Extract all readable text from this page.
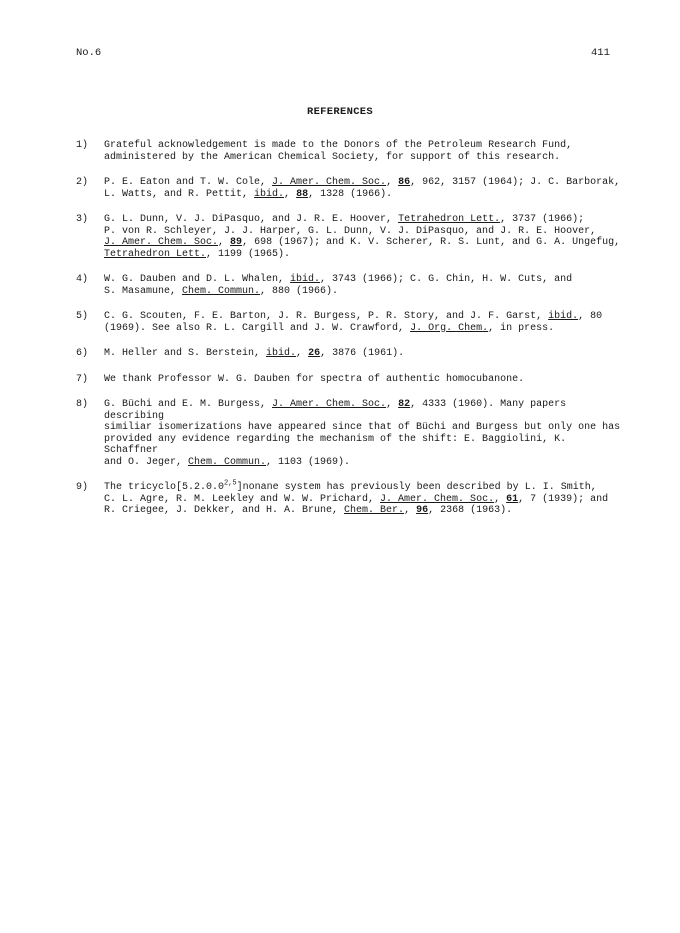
No.6	411
REFERENCES
1) Grateful acknowledgement is made to the Donors of the Petroleum Research Fund,
administered by the American Chemical Society, for support of this research.
2) P. E. Eaton and T. W. Cole, J. Amer. Chem. Soc., 86, 962, 3157 (1964); J. C. Barborak,
L. Watts, and R. Pettit, ibid., 88, 1328 (1966).
3) G. L. Dunn, V. J. DiPasquo, and J. R. E. Hoover, Tetrahedron Lett., 3737 (1966);
P. von R. Schleyer, J. J. Harper, G. L. Dunn, V. J. DiPasquo, and J. R. E. Hoover,
J. Amer. Chem. Soc., 89, 698 (1967); and K. V. Scherer, R. S. Lunt, and G. A. Ungefug,
Tetrahedron Lett., 1199 (1965).
4) W. G. Dauben and D. L. Whalen, ibid., 3743 (1966); C. G. Chin, H. W. Cuts, and
S. Masamune, Chem. Commun., 880 (1966).
5) C. G. Scouten, F. E. Barton, J. R. Burgess, P. R. Story, and J. F. Garst, ibid., 80
(1969). See also R. L. Cargill and J. W. Crawford, J. Org. Chem., in press.
6) M. Heller and S. Berstein, ibid., 26, 3876 (1961).
7) We thank Professor W. G. Dauben for spectra of authentic homocubanone.
8) G. Büchi and E. M. Burgess, J. Amer. Chem. Soc., 82, 4333 (1960). Many papers describing
similiar isomerizations have appeared since that of Büchi and Burgess but only one has
provided any evidence regarding the mechanism of the shift: E. Baggiolini, K. Schaffner
and O. Jeger, Chem. Commun., 1103 (1969).
9) The tricyclo[5.2.0.0$^{2,5}$]nonane system has previously been described by L. I. Smith,
C. L. Agre, R. M. Leekley and W. W. Prichard, J. Amer. Chem. Soc., 61, 7 (1939); and
R. Criegee, J. Dekker, and H. A. Brune, Chem. Ber., 96, 2368 (1963).
